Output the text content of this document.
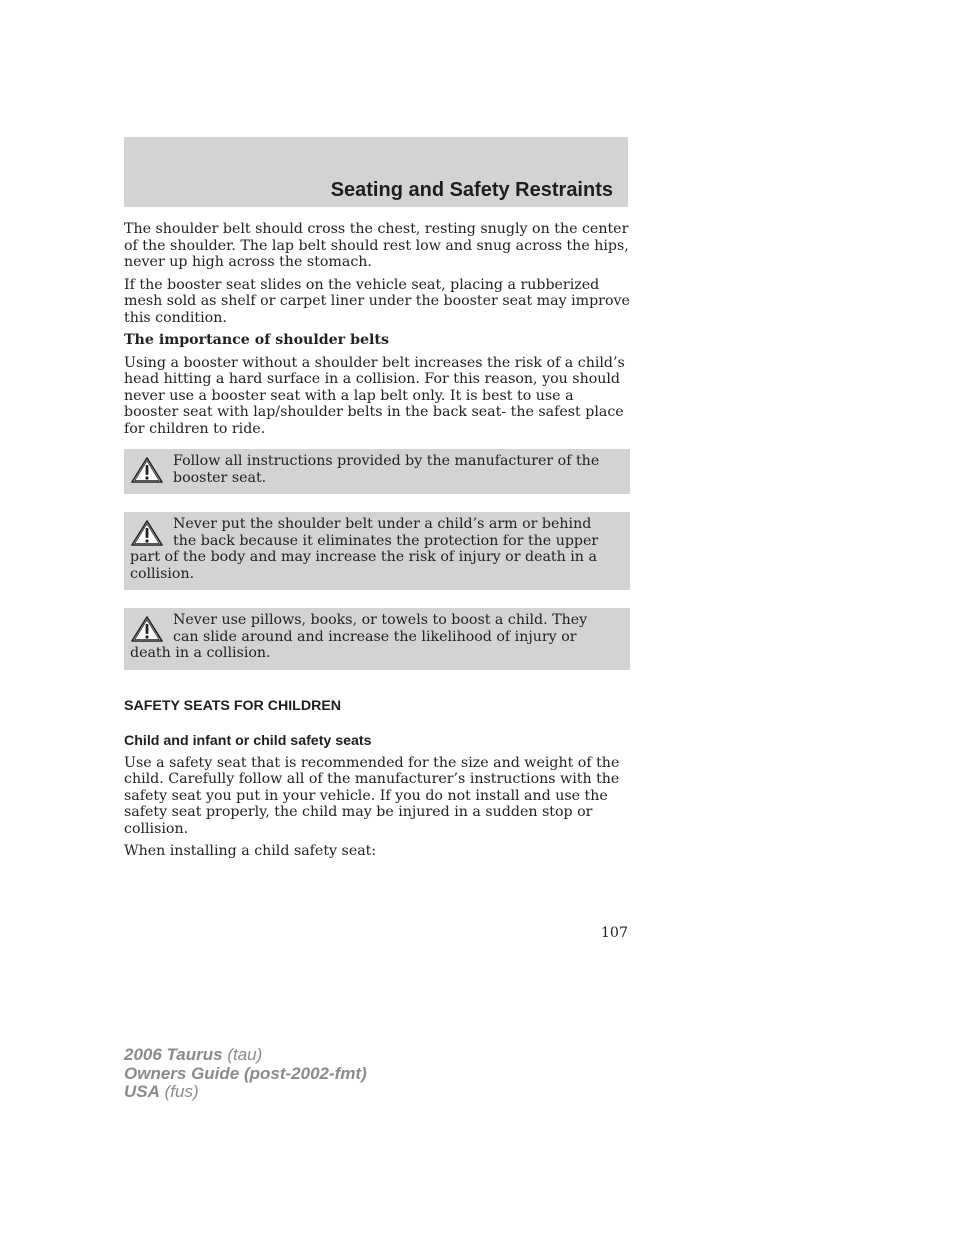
Seating and Safety Restraints

The shoulder belt should cross the chest, resting snugly on the center of the shoulder. The lap belt should rest low and snug across the hips, never up high across the stomach.

If the booster seat slides on the vehicle seat, placing a rubberized mesh sold as shelf or carpet liner under the booster seat may improve this condition.

The importance of shoulder belts

Using a booster without a shoulder belt increases the risk of a child’s head hitting a hard surface in a collision. For this reason, you should never use a booster seat with a lap belt only. It is best to use a booster seat with lap/shoulder belts in the back seat- the safest place for children to ride.

Follow all instructions provided by the manufacturer of the booster seat.
Never put the shoulder belt under a child’s arm or behind the back because it eliminates the protection for the upper part of the body and may increase the risk of injury or death in a collision.
Never use pillows, books, or towels to boost a child. They can slide around and increase the likelihood of injury or death in a collision.
SAFETY SEATS FOR CHILDREN
Child and infant or child safety seats

Use a safety seat that is recommended for the size and weight of the child. Carefully follow all of the manufacturer’s instructions with the safety seat you put in your vehicle. If you do not install and use the safety seat properly, the child may be injured in a sudden stop or collision.

When installing a child safety seat:

107
2006 Taurus (tau)
Owners Guide (post-2002-fmt)
USA (fus)
